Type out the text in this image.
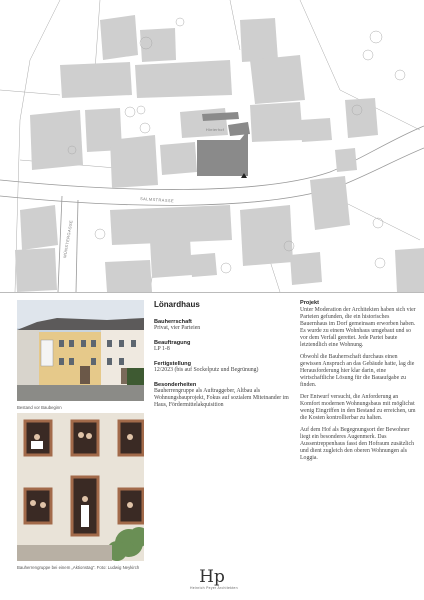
Hinterhof
SALMSTRASSE
MÜNSTERGASSE
Bestand vor Baubeginn
Bauherrengruppe bei einem „Aktionstag“. Foto: Ludwig Neykirch
Lönardhaus
Bauherrschaft
Privat, vier Parteien
Beauftragung
LP 1-8
Fertigstellung
12/2023 (bis auf Sockelputz und Begrünung)
Besonderheiten
Bauherrengruppe als Auftraggeber, Altbau als Wohnungsbauprojekt, Fokus auf sozialem Miteinander im Haus, Fördermittelakquisition
Projekt

Unter Moderation der Architekten haben sich vier Parteien gefunden, die ein historisches Bauernhaus im Dorf gemeinsam erworben haben. Es wurde zu einem Wohnhaus umgebaut und so vor dem Verfall gerettet. Jede Partei baute letztendlich eine Wohnung.

Obwohl die Bauherrschaft durchaus einen gewissen Anspruch an das Gebäude hatte, lag die Herausforderung hier klar darin, eine wirtschaftliche Lösung für die Bauaufgabe zu finden.

Der Entwurf versucht, die Anforderung an Komfort modernen Wohnungsbaus mit möglichst wenig Eingriffen in den Bestand zu erreichen, um die Kosten kontrollierbar zu halten.

Auf dem Hof als Begegnungsort der Bewohner liegt ein besonderes Augenmerk. Das Aussentreppenhaus fasst den Hofraum zusätzlich und dient zugleich den oberen Wohnungen als Loggia.

Hp
Heinrich Peyer Architekten
